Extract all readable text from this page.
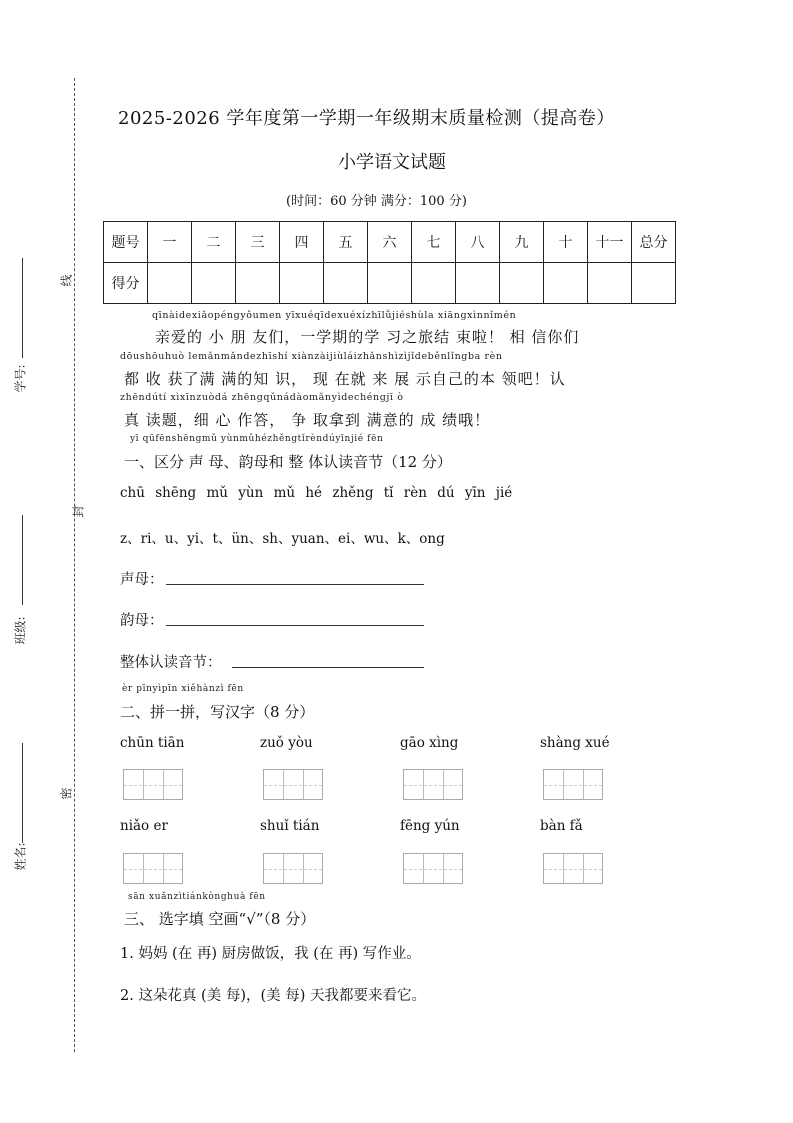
线
封
密
学号:
班级:
姓名:
2025-2026 学年度第一学期一年级期末质量检测（提高卷）
小学语文试题
(时间：60 分钟 满分：100 分)
题号	一	二	三	四	五	六	七	八	九	十	十一	总分
得分												
qīnàidexiǎopéngyǒumen yīxuéqīdexuéxízhīlǚjiéshùla xiāngxìnnǐmén
亲爱的 小 朋 友们，一学期的学 习之旅结 束啦！ 相 信你们
dōushōuhuò lemǎnmǎndezhīshí xiànzàijiùláizhǎnshìzìjǐdeběnlǐngba rèn
都 收 获了满 满的知 识， 现 在就 来 展 示自己的本 领吧！认
zhēndútí xìxīnzuòdá zhēngqǔnádàomǎnyìdechéngjī ò
真 读题，细 心 作答， 争 取拿到 满意的 成 绩哦！
yī qūfēnshēngmǔ yùnmǔhézhěngtǐrèndúyīnjié fēn
一、区分 声 母、韵母和 整 体认读音节（12 分）
chū shēng mǔ yùn mǔ hé zhěng tǐ rèn dú yīn jié
z、ri、u、yi、t、ün、sh、yuan、ei、wu、k、ong
声母：
韵母：
整体认读音节：
èr pīnyìpīn xiěhànzì fēn
二、拼一拼，写汉字（8 分）
chūn tiān	zuǒ yòu	gāo xìng	shàng xué
niǎo er	shuǐ tián	fēng yún	bàn fǎ
sān xuǎnzìtiánkònghuà fēn
三、 选字填 空画“√”（8 分）
1. 妈妈 (在 再) 厨房做饭，我 (在 再) 写作业。
2. 这朵花真 (美 每)，(美 每) 天我都要来看它。
